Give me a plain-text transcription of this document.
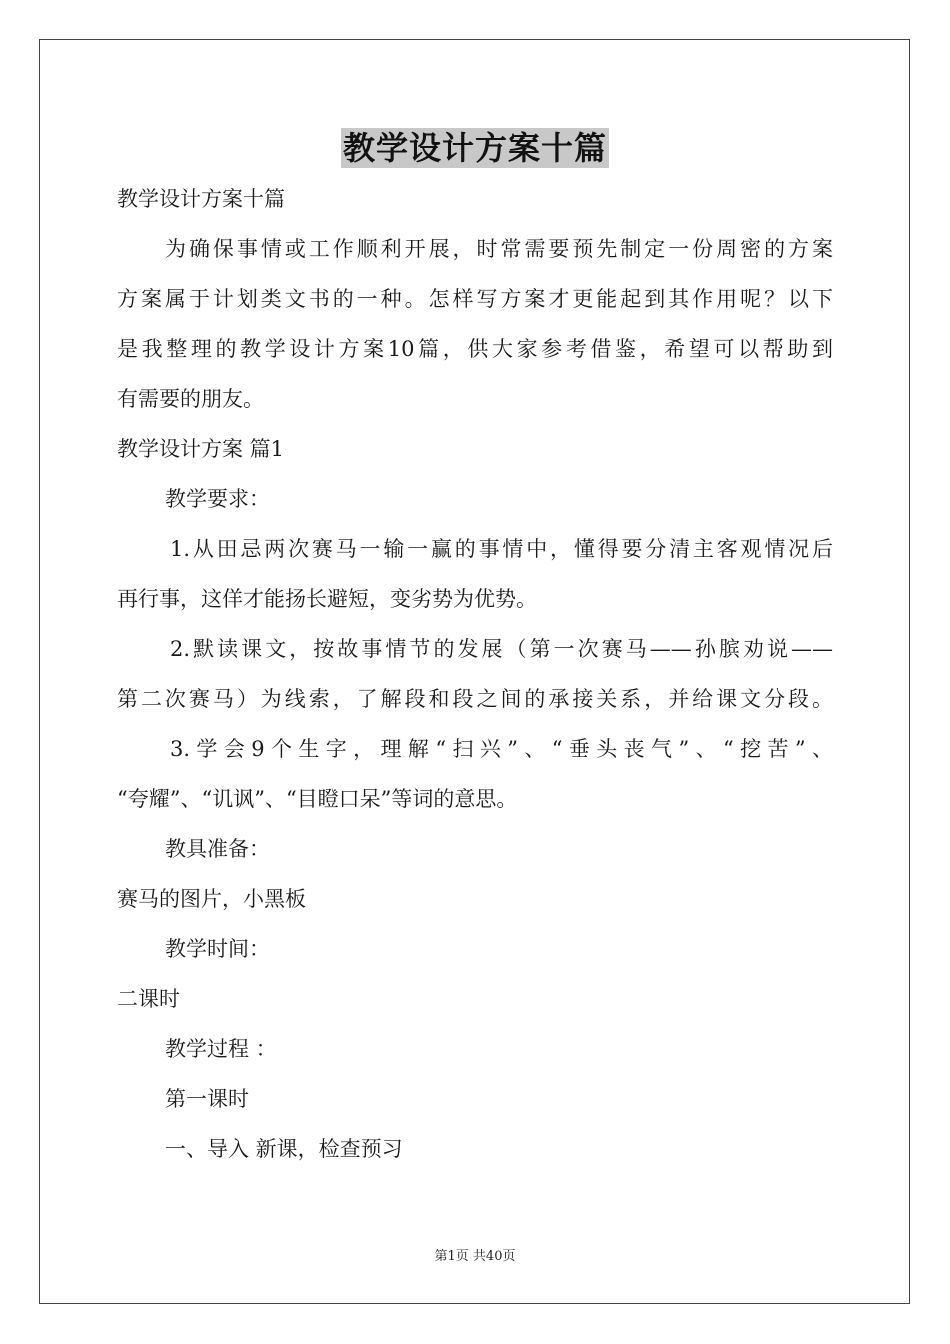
教学设计方案十篇
教学设计方案十篇
为确保事情或工作顺利开展，时常需要预先制定一份周密的方案
方案属于计划类文书的一种。怎样写方案才更能起到其作用呢？以下
是我整理的教学设计方案10篇，供大家参考借鉴，希望可以帮助到
有需要的朋友。
教学设计方案 篇1
教学要求：
1.从田忌两次赛马一输一赢的事情中，懂得要分清主客观情况后
再行事，这佯才能扬长避短，变劣势为优势。
2.默读课文，按故事情节的发展（第一次赛马——孙膑劝说——
第二次赛马）为线索，了解段和段之间的承接关系，并给课文分段。
3.学会9个生字，理解“扫兴”、“垂头丧气”、“挖苦”、
“夸耀”、“讥讽”、“目瞪口呆”等词的意思。
教具准备：
赛马的图片，小黑板
教学时间：
二课时
教学过程 ：
第一课时
一、导入 新课，检查预习
第1页 共40页
